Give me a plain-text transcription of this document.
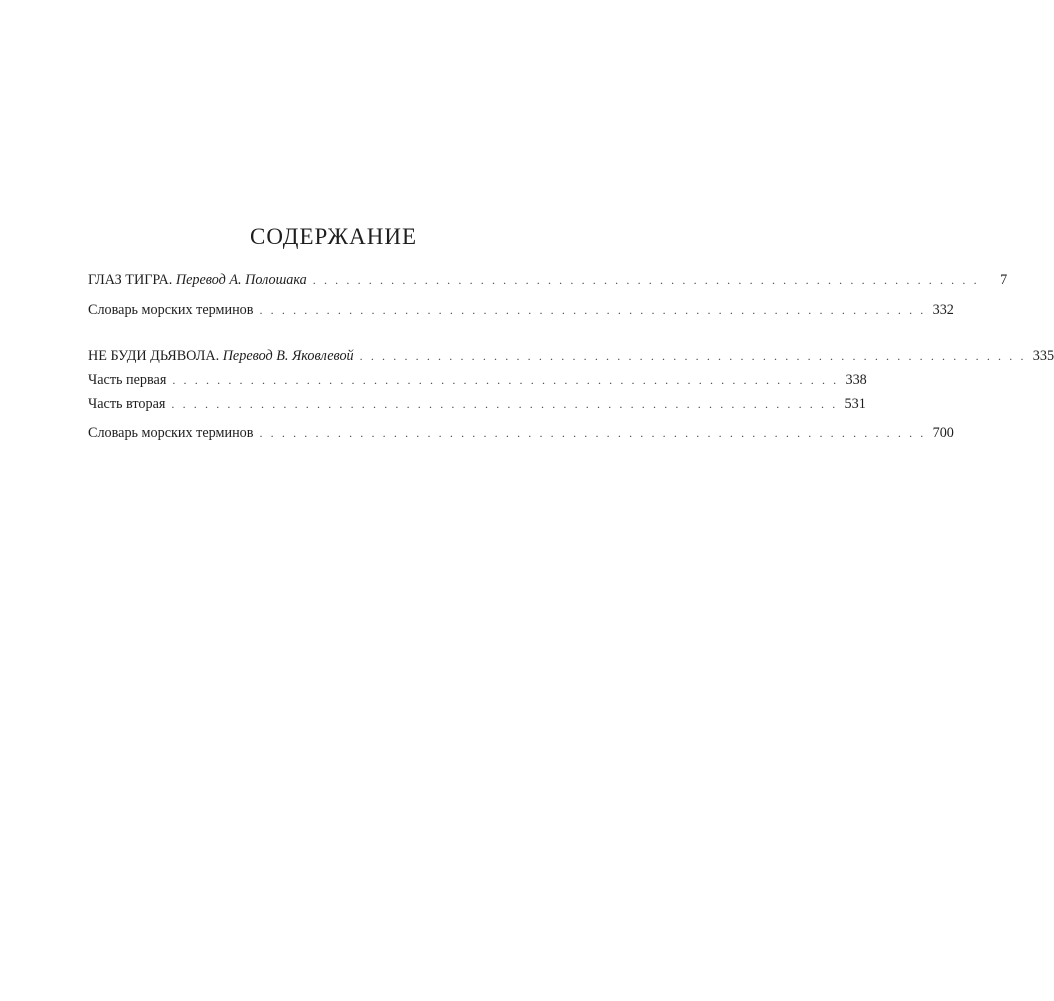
СОДЕРЖАНИЕ
ГЛАЗ ТИГРА. Перевод А. Полошака . . . . . . . . . . . . . . . . . . . . . . . . . . . . . . . . . . . . . . . . . . . . . . . . . . . . . . . . . . . .	7
Словарь морских терминов . . . . . . . . . . . . . . . . . . . . . . . . . . . . . . . . . . . . . . . . . . . . . . . . . . . . . . . . . . . . 332
НЕ БУДИ ДЬЯВОЛА. Перевод В. Яковлевой . . . . . . . . . . . . . . . . . . . . . . . . . . . . . . . . . . . . . . . . . . . . . . . . . . . . . . . . . . . . 335
Часть первая . . . . . . . . . . . . . . . . . . . . . . . . . . . . . . . . . . . . . . . . . . . . . . . . . . . . . . . . . . . . 338
Часть вторая . . . . . . . . . . . . . . . . . . . . . . . . . . . . . . . . . . . . . . . . . . . . . . . . . . . . . . . . . . . . 531
Словарь морских терминов . . . . . . . . . . . . . . . . . . . . . . . . . . . . . . . . . . . . . . . . . . . . . . . . . . . . . . . . . . . . 700
